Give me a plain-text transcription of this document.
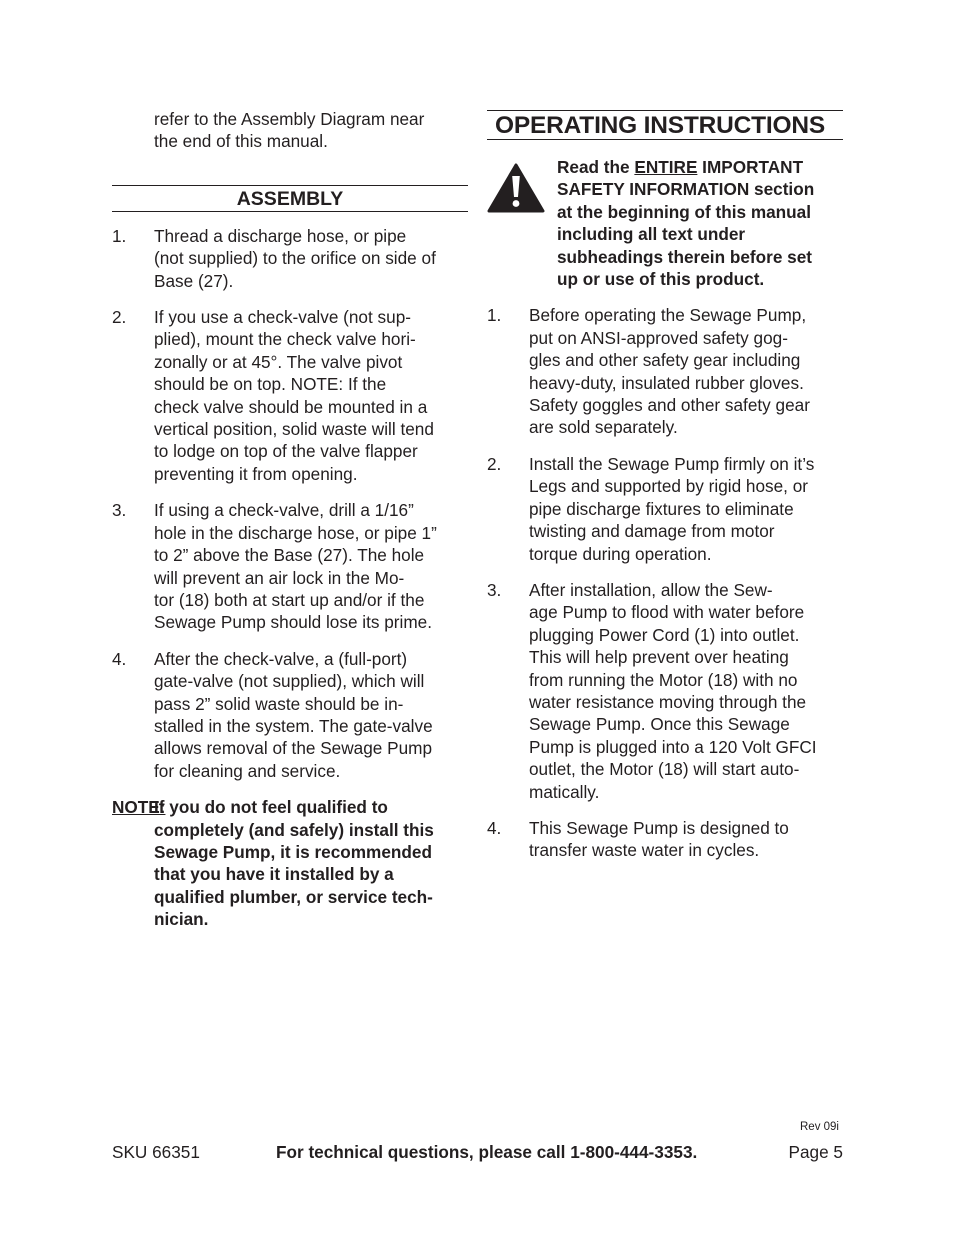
refer to the Assembly Diagram near
the end of this manual.
ASSEMBLY
1. Thread a discharge hose, or pipe
(not supplied) to the orifice on side of
Base (27).
2. If you use a check-valve (not sup-
plied), mount the check valve hori-
zonally or at 45°. The valve pivot
should be on top. NOTE: If the
check valve should be mounted in a
vertical position, solid waste will tend
to lodge on top of the valve flapper
preventing it from opening.
3. If using a check-valve, drill a 1/16”
hole in the discharge hose, or pipe 1”
to 2” above the Base (27). The hole
will prevent an air lock in the Mo-
tor (18) both at start up and/or if the
Sewage Pump should lose its prime.
4. After the check-valve, a (full-port)
gate-valve (not supplied), which will
pass 2” solid waste should be in-
stalled in the system. The gate-valve
allows removal of the Sewage Pump
for cleaning and service.
NOTE:
If you do not feel qualified to
completely (and safely) install this
Sewage Pump, it is recommended
that you have it installed by a
qualified plumber, or service tech-
nician.
OPERATING INSTRUCTIONS
Read the ENTIRE IMPORTANT
SAFETY INFORMATION section
at the beginning of this manual
including all text under
subheadings therein before set
up or use of this product.
1. Before operating the Sewage Pump,
put on ANSI-approved safety gog-
gles and other safety gear including
heavy-duty, insulated rubber gloves.
Safety goggles and other safety gear
are sold separately.
2. Install the Sewage Pump firmly on it’s
Legs and supported by rigid hose, or
pipe discharge fixtures to eliminate
twisting and damage from motor
torque during operation.
3. After installation, allow the Sew-
age Pump to flood with water before
plugging Power Cord (1) into outlet.
This will help prevent over heating
from running the Motor (18) with no
water resistance moving through the
Sewage Pump. Once this Sewage
Pump is plugged into a 120 Volt GFCI
outlet, the Motor (18) will start auto-
matically.
4. This Sewage Pump is designed to
transfer waste water in cycles.
Rev 09i
SKU 66351	For technical questions, please call 1-800-444-3353.	Page 5
